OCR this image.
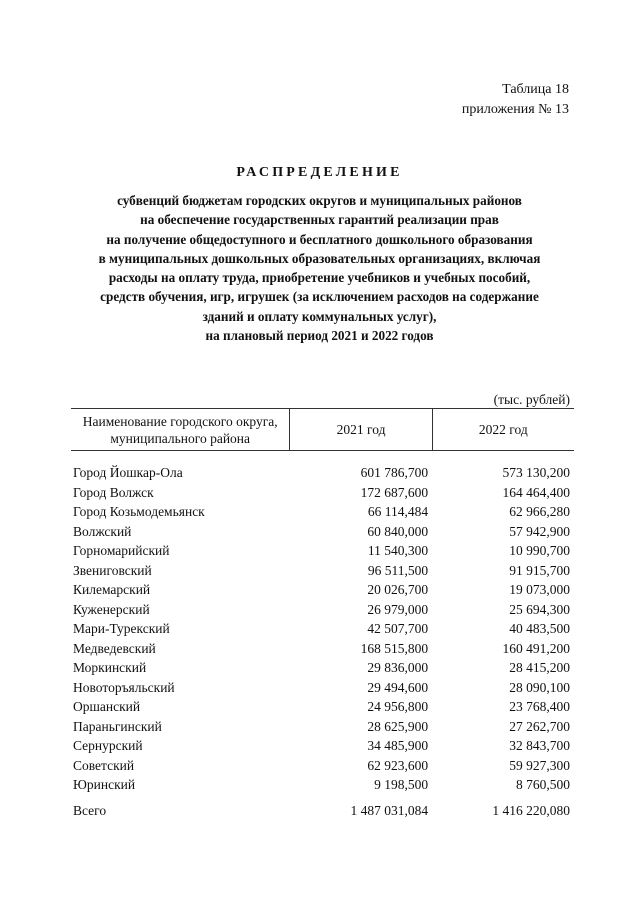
Таблица 18
приложения № 13
РАСПРЕДЕЛЕНИЕ
субвенций бюджетам городских округов и муниципальных районов
на обеспечение государственных гарантий реализации прав
на получение общедоступного и бесплатного дошкольного образования
в муниципальных дошкольных образовательных организациях, включая
расходы на оплату труда, приобретение учебников и учебных пособий,
средств обучения, игр, игрушек (за исключением расходов на содержание
зданий и оплату коммунальных услуг),
на плановый период 2021 и 2022 годов
(тыс. рублей)
Наименование городского округа, муниципального района	2021 год	2022 год

Город Йошкар-Ола	601 786,700	573 130,200
Город Волжск	172 687,600	164 464,400
Город Козьмодемьянск	66 114,484	62 966,280
Волжский	60 840,000	57 942,900
Горномарийский	11 540,300	10 990,700
Звениговский	96 511,500	91 915,700
Килемарский	20 026,700	19 073,000
Куженерский	26 979,000	25 694,300
Мари-Турекский	42 507,700	40 483,500
Медведевский	168 515,800	160 491,200
Моркинский	29 836,000	28 415,200
Новоторъяльский	29 494,600	28 090,100
Оршанский	24 956,800	23 768,400
Параньгинский	28 625,900	27 262,700
Сернурский	34 485,900	32 843,700
Советский	62 923,600	59 927,300
Юринский	9 198,500	8 760,500
Всего	1 487 031,084	1 416 220,080
